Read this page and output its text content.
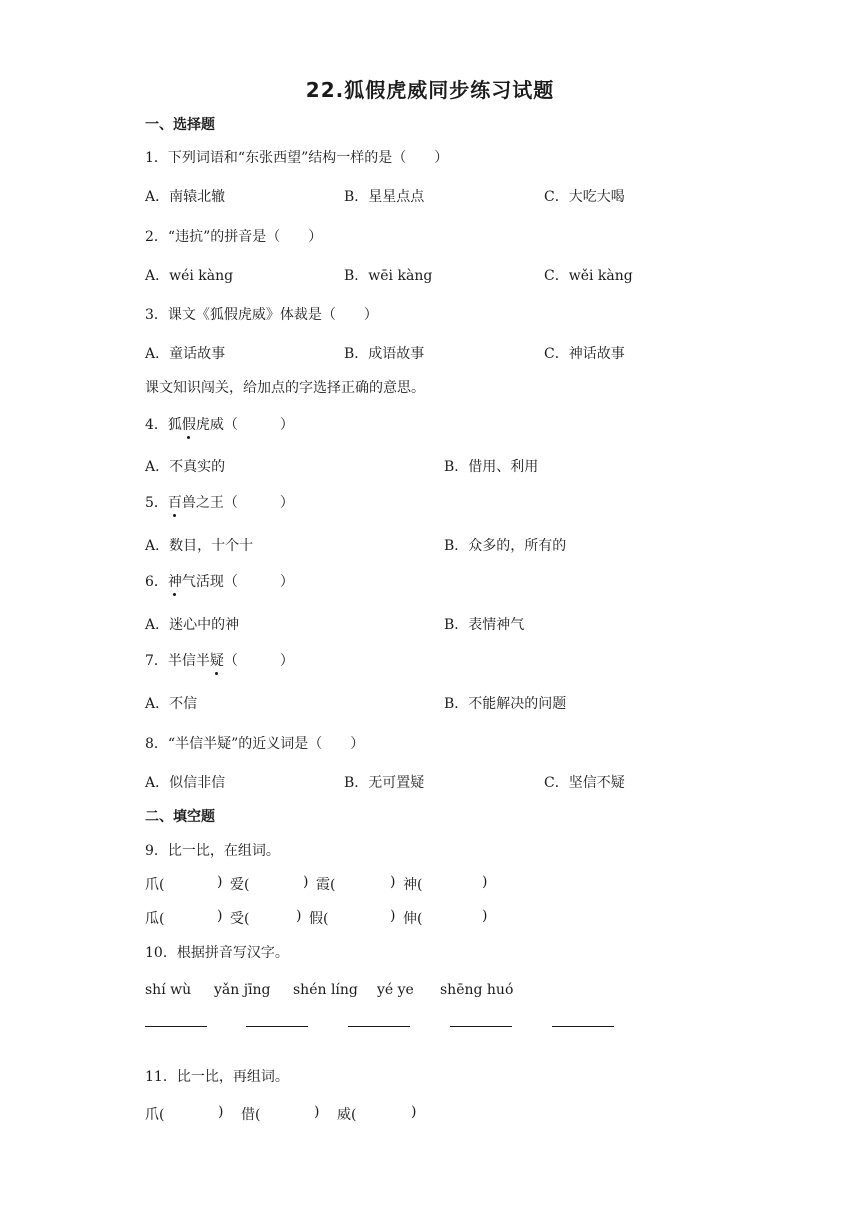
22.狐假虎威同步练习试题
一、选择题
1．下列词语和“东张西望”结构一样的是（　　）
A．南辕北辙	B．星星点点	C．大吃大喝
2．“违抗”的拼音是（　　）
A．wéi kàng	B．wēi kàng	C．wěi kàng
3．课文《狐假虎威》体裁是（　　）
A．童话故事	B．成语故事	C．神话故事
课文知识闯关，给加点的字选择正确的意思。
4．狐假虎威（　　　）
A．不真实的	B．借用、利用
5．百兽之王（　　　）
A．数目，十个十	B．众多的，所有的
6．神气活现（　　　）
A．迷心中的神	B．表情神气
7．半信半疑（　　　）
A．不信	B．不能解决的问题
8．“半信半疑”的近义词是（　　）
A．似信非信	B．无可置疑	C．坚信不疑
二、填空题
9．比一比，在组词。
爪(	) 爱(	) 霞(	) 神(	)
瓜(	) 受(	) 假(	) 伸(	)
10．根据拼音写汉字。
shí wù yǎn jīng shén líng yé ye shēng huó
11．比一比，再组词。
爪(	) 借(	) 威(	)
